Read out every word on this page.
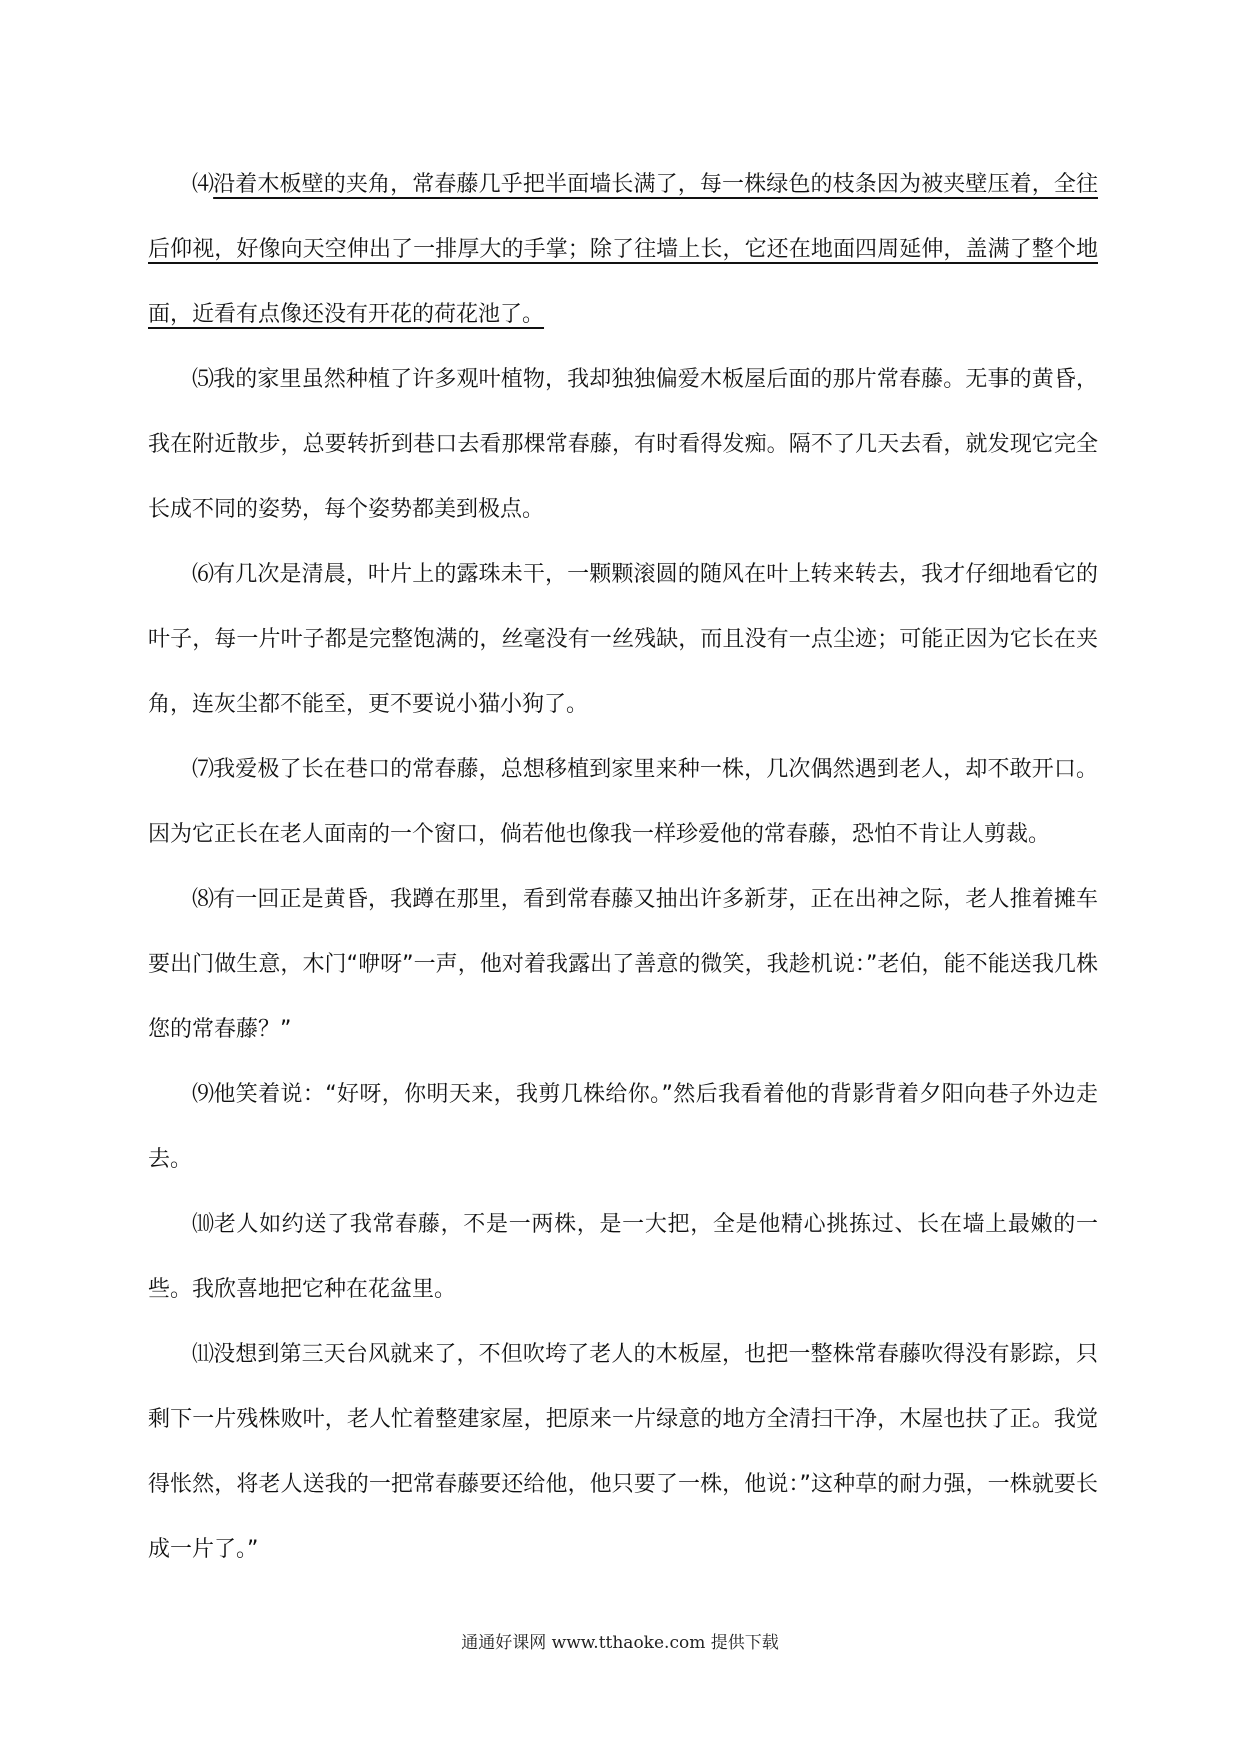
⑷沿着木板壁的夹角，常春藤几乎把半面墙长满了，每一株绿色的枝条因为被夹壁压着，全往后仰视，好像向天空伸出了一排厚大的手掌；除了往墙上长，它还在地面四周延伸，盖满了整个地面，近看有点像还没有开花的荷花池了。

⑸我的家里虽然种植了许多观叶植物，我却独独偏爱木板屋后面的那片常春藤。无事的黄昏，我在附近散步，总要转折到巷口去看那棵常春藤，有时看得发痴。隔不了几天去看，就发现它完全长成不同的姿势，每个姿势都美到极点。

⑹有几次是清晨，叶片上的露珠未干，一颗颗滚圆的随风在叶上转来转去，我才仔细地看它的叶子，每一片叶子都是完整饱满的，丝毫没有一丝残缺，而且没有一点尘迹；可能正因为它长在夹角，连灰尘都不能至，更不要说小猫小狗了。

⑺我爱极了长在巷口的常春藤，总想移植到家里来种一株，几次偶然遇到老人，却不敢开口。因为它正长在老人面南的一个窗口，倘若他也像我一样珍爱他的常春藤，恐怕不肯让人剪裁。

⑻有一回正是黄昏，我蹲在那里，看到常春藤又抽出许多新芽，正在出神之际，老人推着摊车要出门做生意，木门“咿呀”一声，他对着我露出了善意的微笑，我趁机说：”老伯，能不能送我几株您的常春藤？”

⑼他笑着说：“好呀，你明天来，我剪几株给你。”然后我看着他的背影背着夕阳向巷子外边走去。

⑽老人如约送了我常春藤，不是一两株，是一大把，全是他精心挑拣过、长在墙上最嫩的一些。我欣喜地把它种在花盆里。

⑾没想到第三天台风就来了，不但吹垮了老人的木板屋，也把一整株常春藤吹得没有影踪，只剩下一片残株败叶，老人忙着整建家屋，把原来一片绿意的地方全清扫干净，木屋也扶了正。我觉得怅然，将老人送我的一把常春藤要还给他，他只要了一株，他说：”这种草的耐力强，一株就要长成一片了。”

通通好课网 www.tthaoke.com 提供下载
